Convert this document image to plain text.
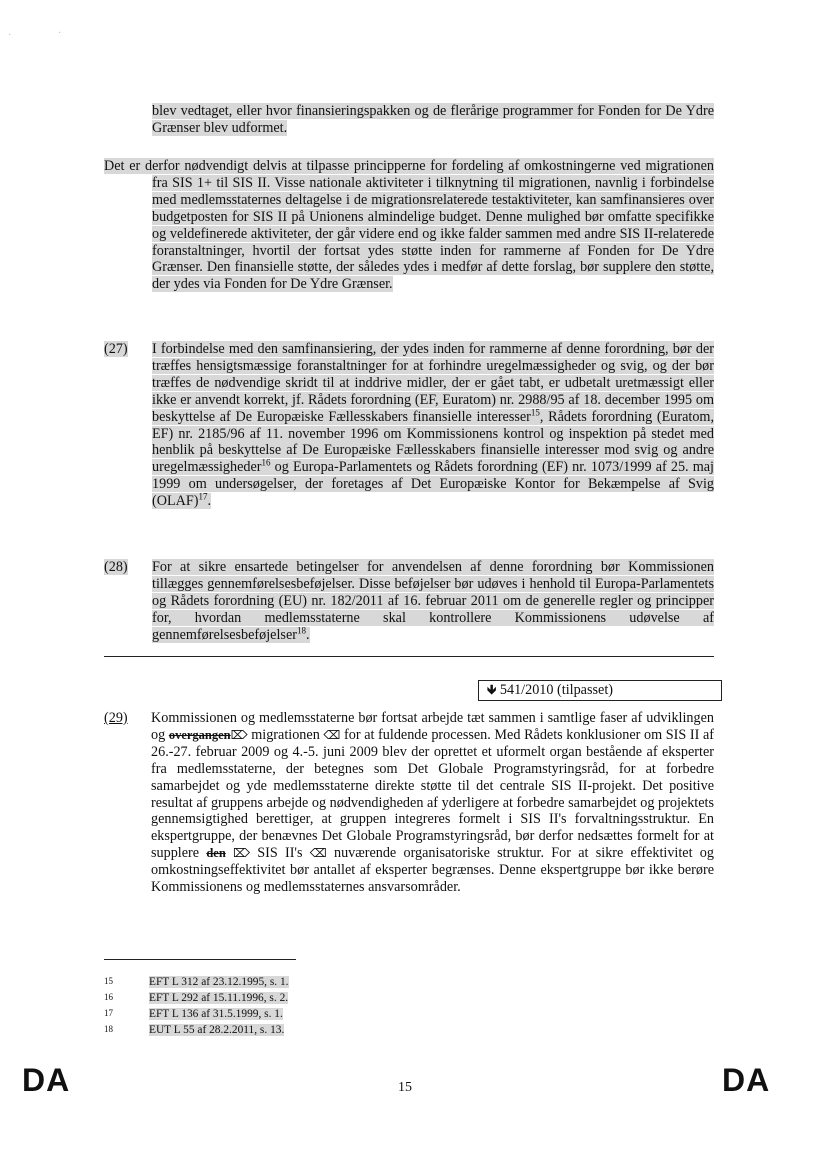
·	·

blev vedtaget, eller hvor finansieringspakken og de flerårige programmer for Fonden for De Ydre Grænser blev udformet.

Det er derfor nødvendigt delvis at tilpasse principperne for fordeling af omkostningerne ved migrationen fra SIS 1+ til SIS II. Visse nationale aktiviteter i tilknytning til migrationen, navnlig i forbindelse med medlemsstaternes deltagelse i de migrationsrelaterede testaktiviteter, kan samfinansieres over budgetposten for SIS II på Unionens almindelige budget. Denne mulighed bør omfatte specifikke og veldefinerede aktiviteter, der går videre end og ikke falder sammen med andre SIS II-relaterede foranstaltninger, hvortil der fortsat ydes støtte inden for rammerne af Fonden for De Ydre Grænser. Den finansielle støtte, der således ydes i medfør af dette forslag, bør supplere den støtte, der ydes via Fonden for De Ydre Grænser.

(27) I forbindelse med den samfinansiering, der ydes inden for rammerne af denne forordning, bør der træffes hensigtsmæssige foranstaltninger for at forhindre uregelmæssigheder og svig, og der bør træffes de nødvendige skridt til at inddrive midler, der er gået tabt, er udbetalt uretmæssigt eller ikke er anvendt korrekt, jf. Rådets forordning (EF, Euratom) nr. 2988/95 af 18. december 1995 om beskyttelse af De Europæiske Fællesskabers finansielle interesser$^{15}$, Rådets forordning (Euratom, EF) nr. 2185/96 af 11. november 1996 om Kommissionens kontrol og inspektion på stedet med henblik på beskyttelse af De Europæiske Fællesskabers finansielle interesser mod svig og andre uregelmæssigheder$^{16}$ og Europa-Parlamentets og Rådets forordning (EF) nr. 1073/1999 af 25. maj 1999 om undersøgelser, der foretages af Det Europæiske Kontor for Bekæmpelse af Svig (OLAF)$^{17}$.

(28) For at sikre ensartede betingelser for anvendelsen af denne forordning bør Kommissionen tillægges gennemførelsesbeføjelser. Disse beføjelser bør udøves i henhold til Europa-Parlamentets og Rådets forordning (EU) nr. 182/2011 af 16. februar 2011 om de generelle regler og principper for, hvordan medlemsstaterne skal kontrollere Kommissionens udøvelse af gennemførelsesbeføjelser$^{18}$.

🡻 541/2010 (tilpasset)
(29) Kommissionen og medlemsstaterne bør fortsat arbejde tæt sammen i samtlige faser af udviklingen og overgangen⌦ migrationen ⌫ for at fuldende processen. Med Rådets konklusioner om SIS II af 26.-27. februar 2009 og 4.-5. juni 2009 blev der oprettet et uformelt organ bestående af eksperter fra medlemsstaterne, der betegnes som Det Globale Programstyringsråd, for at forbedre samarbejdet og yde medlemsstaterne direkte støtte til det centrale SIS II-projekt. Det positive resultat af gruppens arbejde og nødvendigheden af yderligere at forbedre samarbejdet og projektets gennemsigtighed berettiger, at gruppen integreres formelt i SIS II's forvaltningsstruktur. En ekspertgruppe, der benævnes Det Globale Programstyringsråd, bør derfor nedsættes formelt for at supplere den ⌦ SIS II's ⌫ nuværende organisatoriske struktur. For at sikre effektivitet og omkostningseffektivitet bør antallet af eksperter begrænses. Denne ekspertgruppe bør ikke berøre Kommissionens og medlemsstaternes ansvarsområder.

15	EFT L 312 af 23.12.1995, s. 1.
16	EFT L 292 af 15.11.1996, s. 2.
17	EFT L 136 af 31.5.1999, s. 1.
18	EUT L 55 af 28.2.2011, s. 13.
DA	15	DA
